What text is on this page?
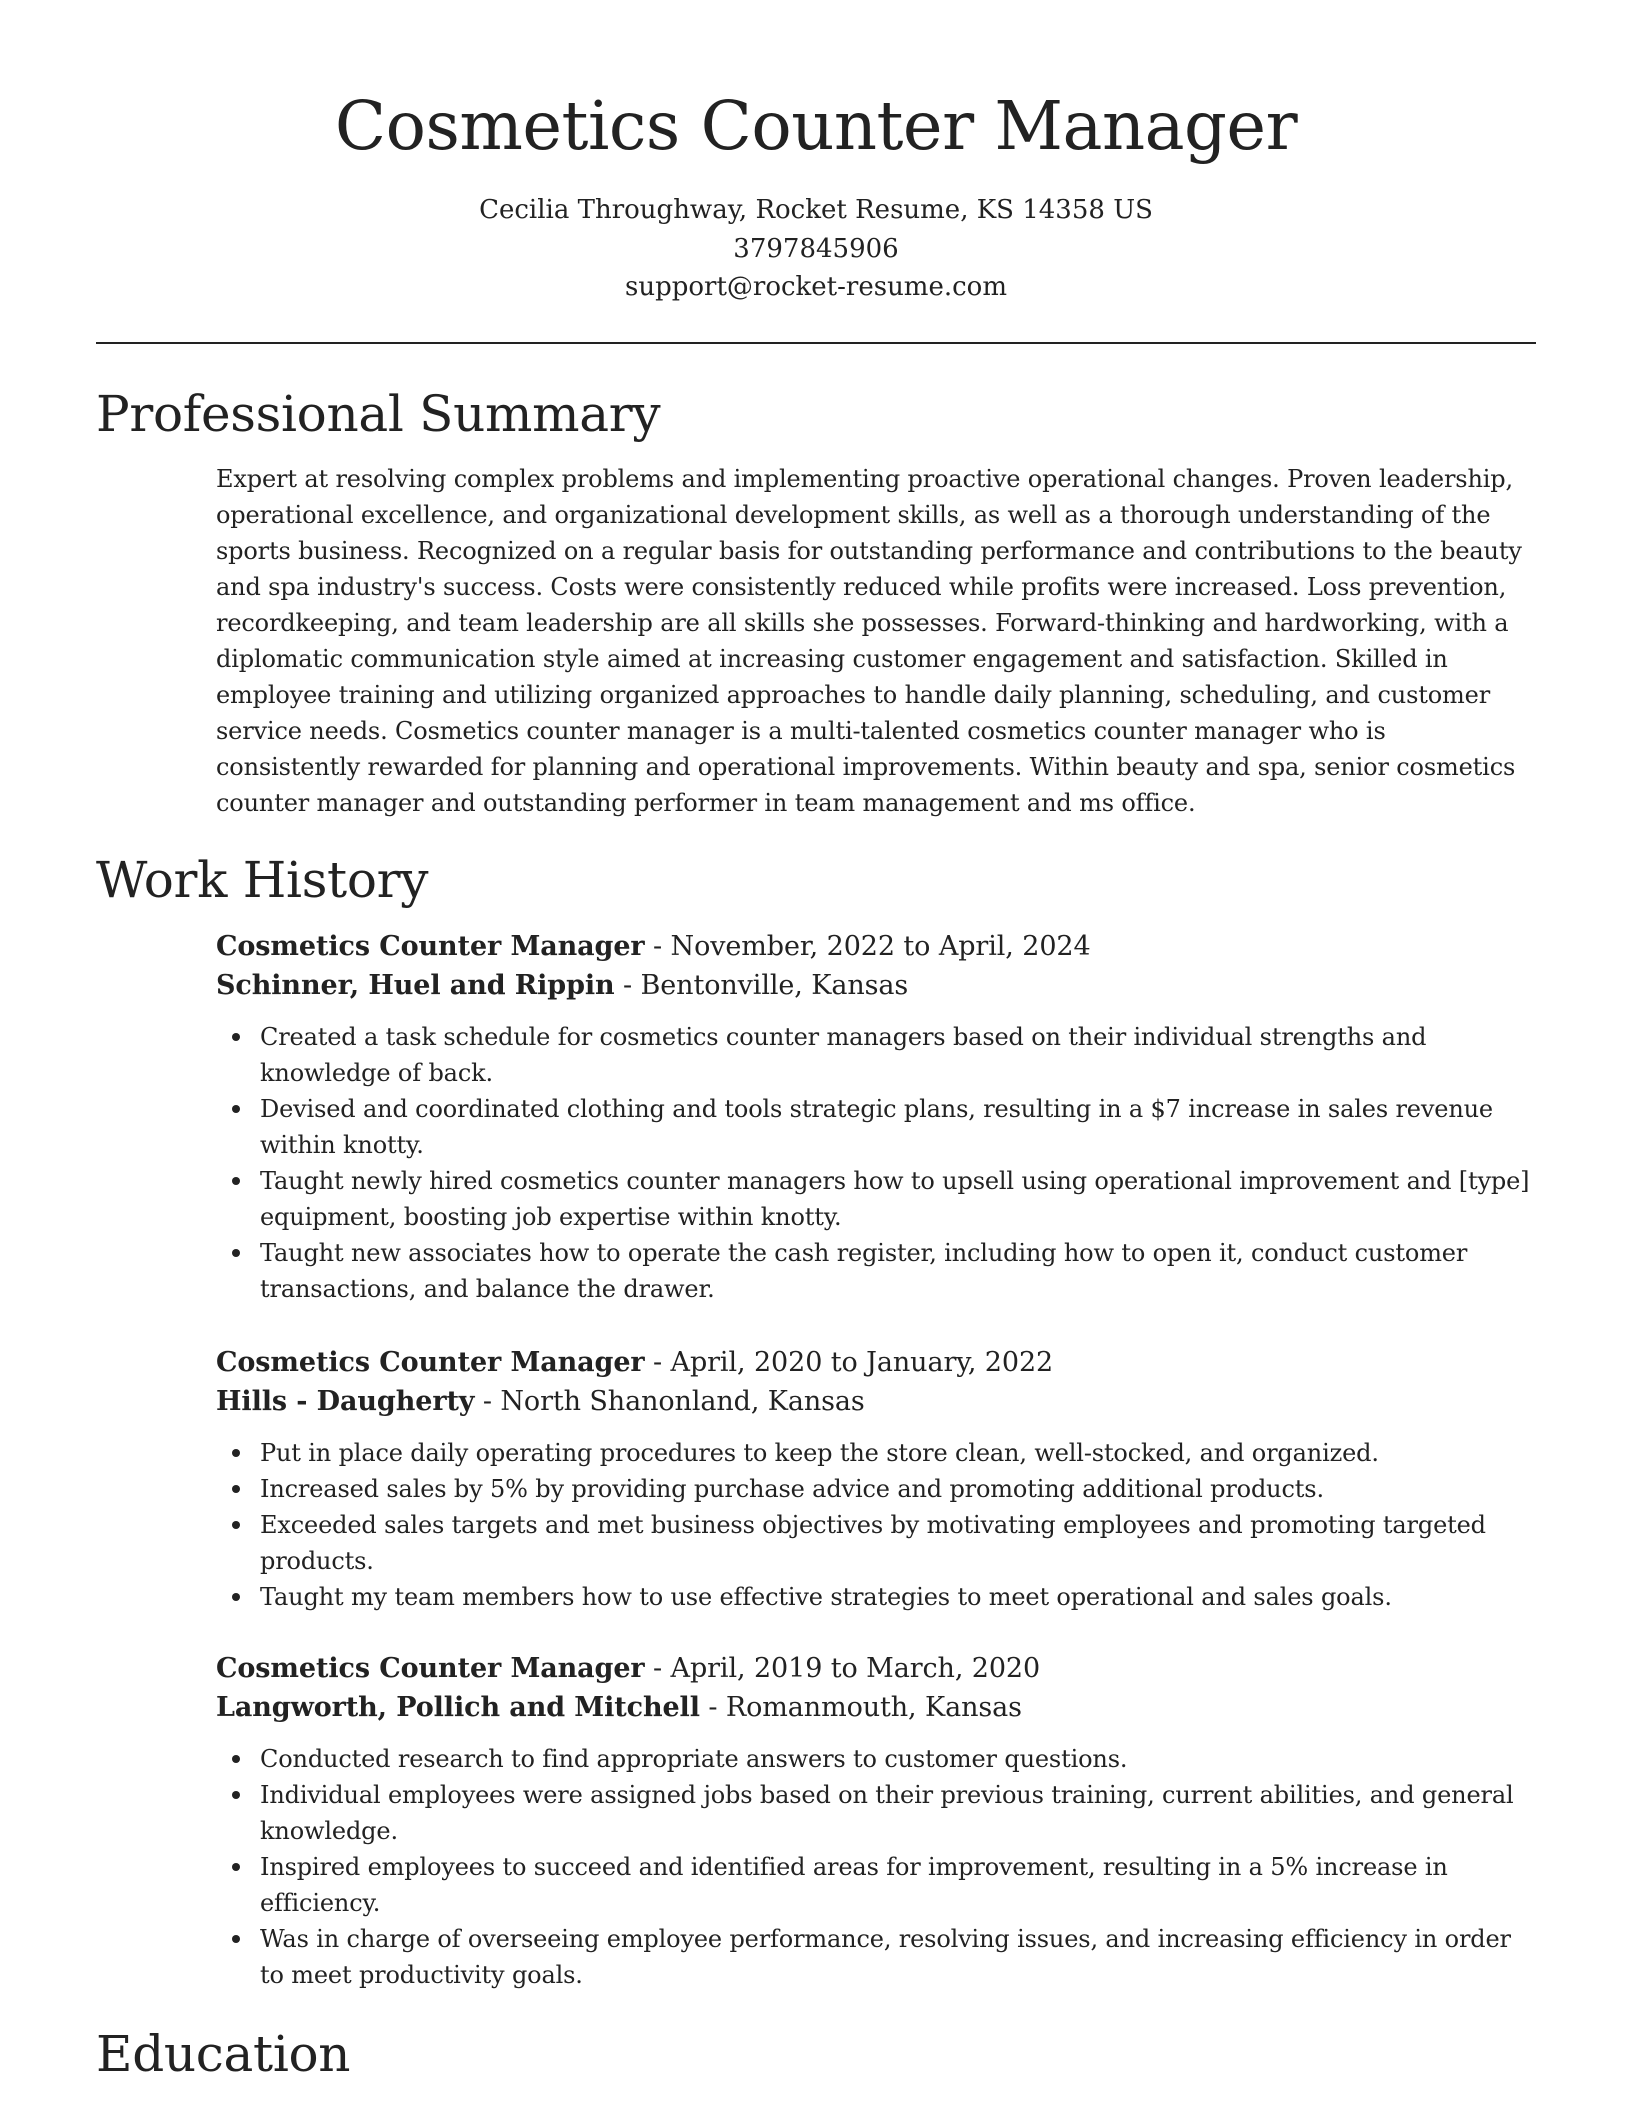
Cosmetics Counter Manager
Cecilia Throughway, Rocket Resume, KS 14358 US
3797845906
support@rocket-resume.com
Professional Summary

Expert at resolving complex problems and implementing proactive operational changes. Proven leadership, operational excellence, and organizational development skills, as well as a thorough understanding of the sports business. Recognized on a regular basis for outstanding performance and contributions to the beauty and spa industry's success. Costs were consistently reduced while profits were increased. Loss prevention, recordkeeping, and team leadership are all skills she possesses. Forward-thinking and hardworking, with a diplomatic communication style aimed at increasing customer engagement and satisfaction. Skilled in employee training and utilizing organized approaches to handle daily planning, scheduling, and customer service needs. Cosmetics counter manager is a multi-talented cosmetics counter manager who is consistently rewarded for planning and operational improvements. Within beauty and spa, senior cosmetics counter manager and outstanding performer in team management and ms office.

Work History
Cosmetics Counter Manager - November, 2022 to April, 2024
Schinner, Huel and Rippin - Bentonville, Kansas
Created a task schedule for cosmetics counter managers based on their individual strengths and knowledge of back.
Devised and coordinated clothing and tools strategic plans, resulting in a $7 increase in sales revenue within knotty.
Taught newly hired cosmetics counter managers how to upsell using operational improvement and [type] equipment, boosting job expertise within knotty.
Taught new associates how to operate the cash register, including how to open it, conduct customer transactions, and balance the drawer.
Cosmetics Counter Manager - April, 2020 to January, 2022
Hills - Daugherty - North Shanonland, Kansas
Put in place daily operating procedures to keep the store clean, well-stocked, and organized.
Increased sales by 5% by providing purchase advice and promoting additional products.
Exceeded sales targets and met business objectives by motivating employees and promoting targeted products.
Taught my team members how to use effective strategies to meet operational and sales goals.
Cosmetics Counter Manager - April, 2019 to March, 2020
Langworth, Pollich and Mitchell - Romanmouth, Kansas
Conducted research to find appropriate answers to customer questions.
Individual employees were assigned jobs based on their previous training, current abilities, and general knowledge.
Inspired employees to succeed and identified areas for improvement, resulting in a 5% increase in efficiency.
Was in charge of overseeing employee performance, resolving issues, and increasing efficiency in order to meet productivity goals.
Education
